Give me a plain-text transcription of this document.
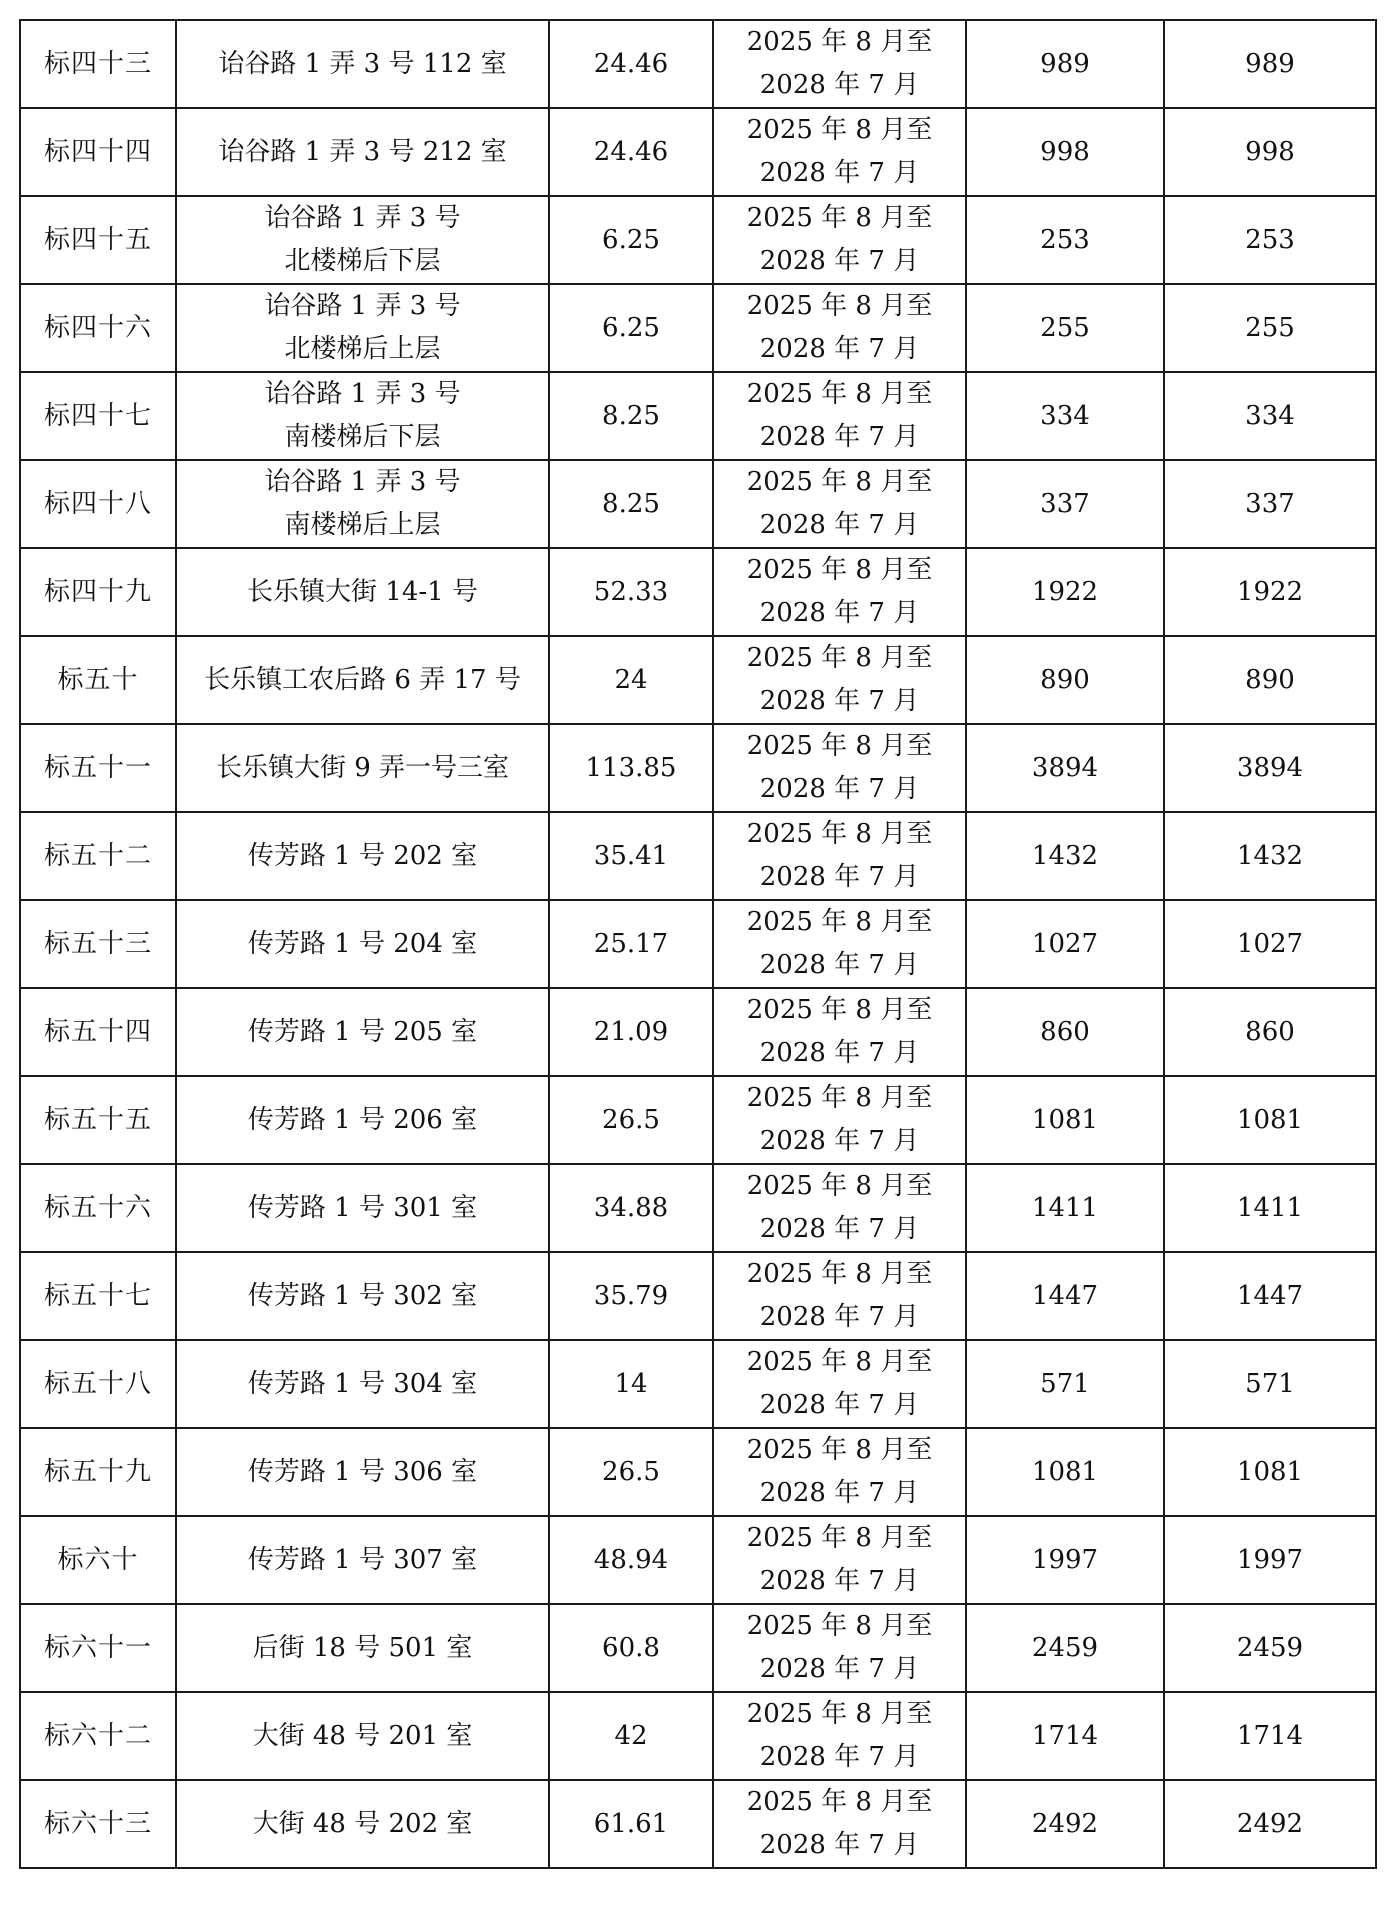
标四十三	诒谷路 1 弄 3 号 112 室	24.46	2025 年 8 月至
2028 年 7 月	989	989
标四十四	诒谷路 1 弄 3 号 212 室	24.46	2025 年 8 月至
2028 年 7 月	998	998
标四十五	诒谷路 1 弄 3 号
北楼梯后下层	6.25	2025 年 8 月至
2028 年 7 月	253	253
标四十六	诒谷路 1 弄 3 号
北楼梯后上层	6.25	2025 年 8 月至
2028 年 7 月	255	255
标四十七	诒谷路 1 弄 3 号
南楼梯后下层	8.25	2025 年 8 月至
2028 年 7 月	334	334
标四十八	诒谷路 1 弄 3 号
南楼梯后上层	8.25	2025 年 8 月至
2028 年 7 月	337	337
标四十九	长乐镇大街 14-1 号	52.33	2025 年 8 月至
2028 年 7 月	1922	1922
标五十	长乐镇工农后路 6 弄 17 号	24	2025 年 8 月至
2028 年 7 月	890	890
标五十一	长乐镇大街 9 弄一号三室	113.85	2025 年 8 月至
2028 年 7 月	3894	3894
标五十二	传芳路 1 号 202 室	35.41	2025 年 8 月至
2028 年 7 月	1432	1432
标五十三	传芳路 1 号 204 室	25.17	2025 年 8 月至
2028 年 7 月	1027	1027
标五十四	传芳路 1 号 205 室	21.09	2025 年 8 月至
2028 年 7 月	860	860
标五十五	传芳路 1 号 206 室	26.5	2025 年 8 月至
2028 年 7 月	1081	1081
标五十六	传芳路 1 号 301 室	34.88	2025 年 8 月至
2028 年 7 月	1411	1411
标五十七	传芳路 1 号 302 室	35.79	2025 年 8 月至
2028 年 7 月	1447	1447
标五十八	传芳路 1 号 304 室	14	2025 年 8 月至
2028 年 7 月	571	571
标五十九	传芳路 1 号 306 室	26.5	2025 年 8 月至
2028 年 7 月	1081	1081
标六十	传芳路 1 号 307 室	48.94	2025 年 8 月至
2028 年 7 月	1997	1997
标六十一	后街 18 号 501 室	60.8	2025 年 8 月至
2028 年 7 月	2459	2459
标六十二	大街 48 号 201 室	42	2025 年 8 月至
2028 年 7 月	1714	1714
标六十三	大街 48 号 202 室	61.61	2025 年 8 月至
2028 年 7 月	2492	2492
